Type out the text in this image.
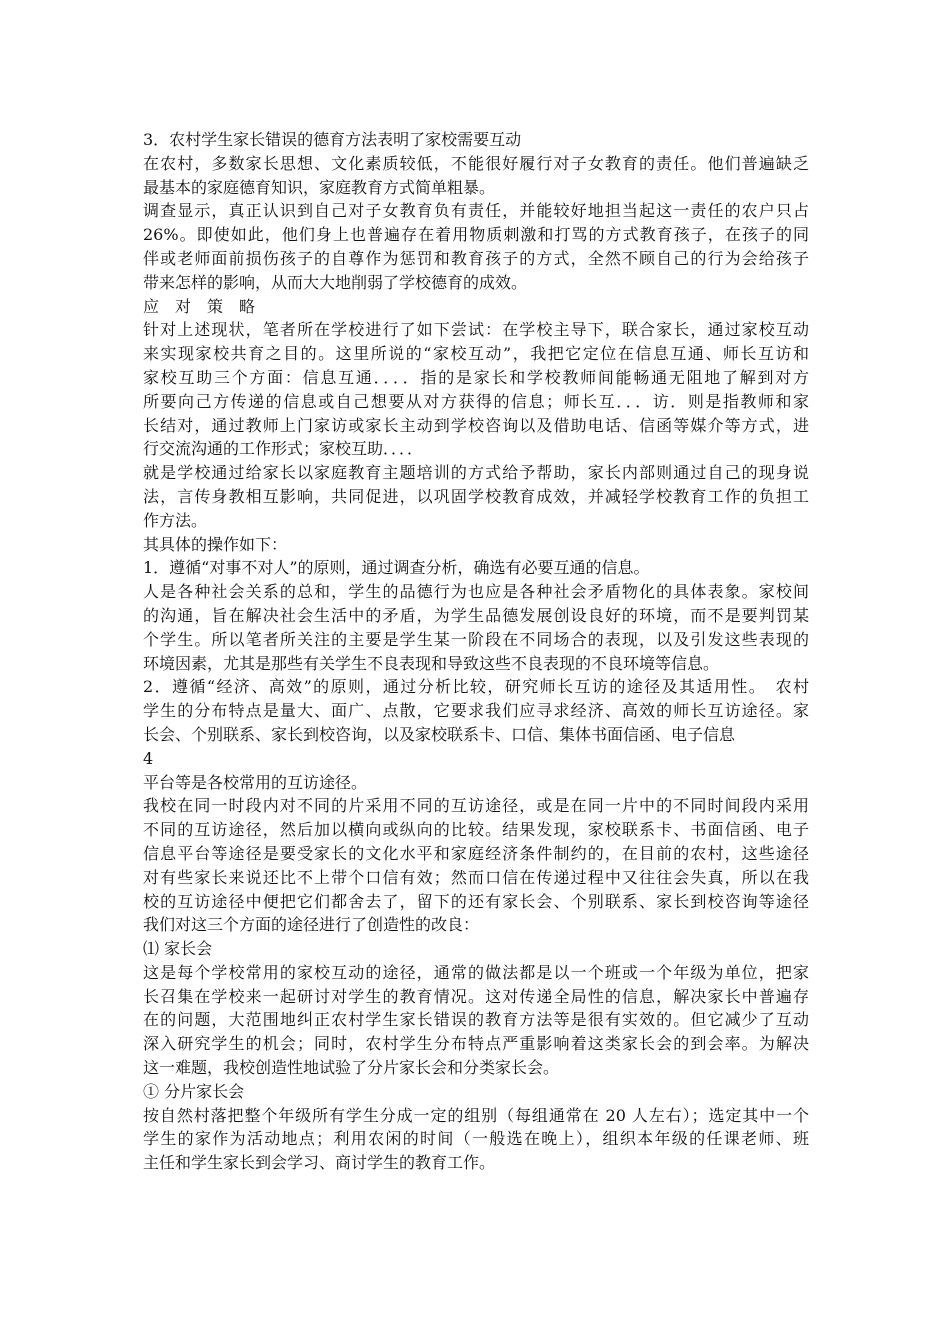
3．农村学生家长错误的德育方法表明了家校需要互动
在农村，多数家长思想、文化素质较低，不能很好履行对子女教育的责任。他们普遍缺乏
最基本的家庭德育知识，家庭教育方式简单粗暴。
调查显示，真正认识到自己对子女教育负有责任，并能较好地担当起这一责任的农户只占
26%。即使如此，他们身上也普遍存在着用物质刺激和打骂的方式教育孩子，在孩子的同
伴或老师面前损伤孩子的自尊作为惩罚和教育孩子的方式，全然不顾自己的行为会给孩子
带来怎样的影响，从而大大地削弱了学校德育的成效。
应　对　策　略
针对上述现状，笔者所在学校进行了如下尝试：在学校主导下，联合家长，通过家校互动
来实现家校共育之目的。这里所说的“家校互动”，我把它定位在信息互通、师长互访和
家校互助三个方面：信息互通．．．．指的是家长和学校教师间能畅通无阻地了解到对方
所要向己方传递的信息或自己想要从对方获得的信息；师长互．．．访．则是指教师和家
长结对，通过教师上门家访或家长主动到学校咨询以及借助电话、信函等媒介等方式，进
行交流沟通的工作形式；家校互助．．．．
就是学校通过给家长以家庭教育主题培训的方式给予帮助，家长内部则通过自己的现身说
法，言传身教相互影响，共同促进，以巩固学校教育成效，并减轻学校教育工作的负担工
作方法。
其具体的操作如下：
1．遵循“对事不对人”的原则，通过调查分析，确选有必要互通的信息。
人是各种社会关系的总和，学生的品德行为也应是各种社会矛盾物化的具体表象。家校间
的沟通，旨在解决社会生活中的矛盾，为学生品德发展创设良好的环境，而不是要判罚某
个学生。所以笔者所关注的主要是学生某一阶段在不同场合的表现，以及引发这些表现的
环境因素，尤其是那些有关学生不良表现和导致这些不良表现的不良环境等信息。
2．遵循“经济、高效”的原则，通过分析比较，研究师长互访的途径及其适用性。　农村
学生的分布特点是量大、面广、点散，它要求我们应寻求经济、高效的师长互访途径。家
长会、个别联系、家长到校咨询，以及家校联系卡、口信、集体书面信函、电子信息
4
平台等是各校常用的互访途径。
我校在同一时段内对不同的片采用不同的互访途径，或是在同一片中的不同时间段内采用
不同的互访途径，然后加以横向或纵向的比较。结果发现，家校联系卡、书面信函、电子
信息平台等途径是要受家长的文化水平和家庭经济条件制约的，在目前的农村，这些途径
对有些家长来说还比不上带个口信有效；然而口信在传递过程中又往往会失真，所以在我
校的互访途径中便把它们都舍去了，留下的还有家长会、个别联系、家长到校咨询等途径
我们对这三个方面的途径进行了创造性的改良：
⑴ 家长会
这是每个学校常用的家校互动的途径，通常的做法都是以一个班或一个年级为单位，把家
长召集在学校来一起研讨对学生的教育情况。这对传递全局性的信息，解决家长中普遍存
在的问题，大范围地纠正农村学生家长错误的教育方法等是很有实效的。但它减少了互动
深入研究学生的机会；同时，农村学生分布特点严重影响着这类家长会的到会率。为解决
这一难题，我校创造性地试验了分片家长会和分类家长会。
① 分片家长会
按自然村落把整个年级所有学生分成一定的组别（每组通常在 20 人左右）；选定其中一个
学生的家作为活动地点；利用农闲的时间（一般选在晚上），组织本年级的任课老师、班
主任和学生家长到会学习、商讨学生的教育工作。
